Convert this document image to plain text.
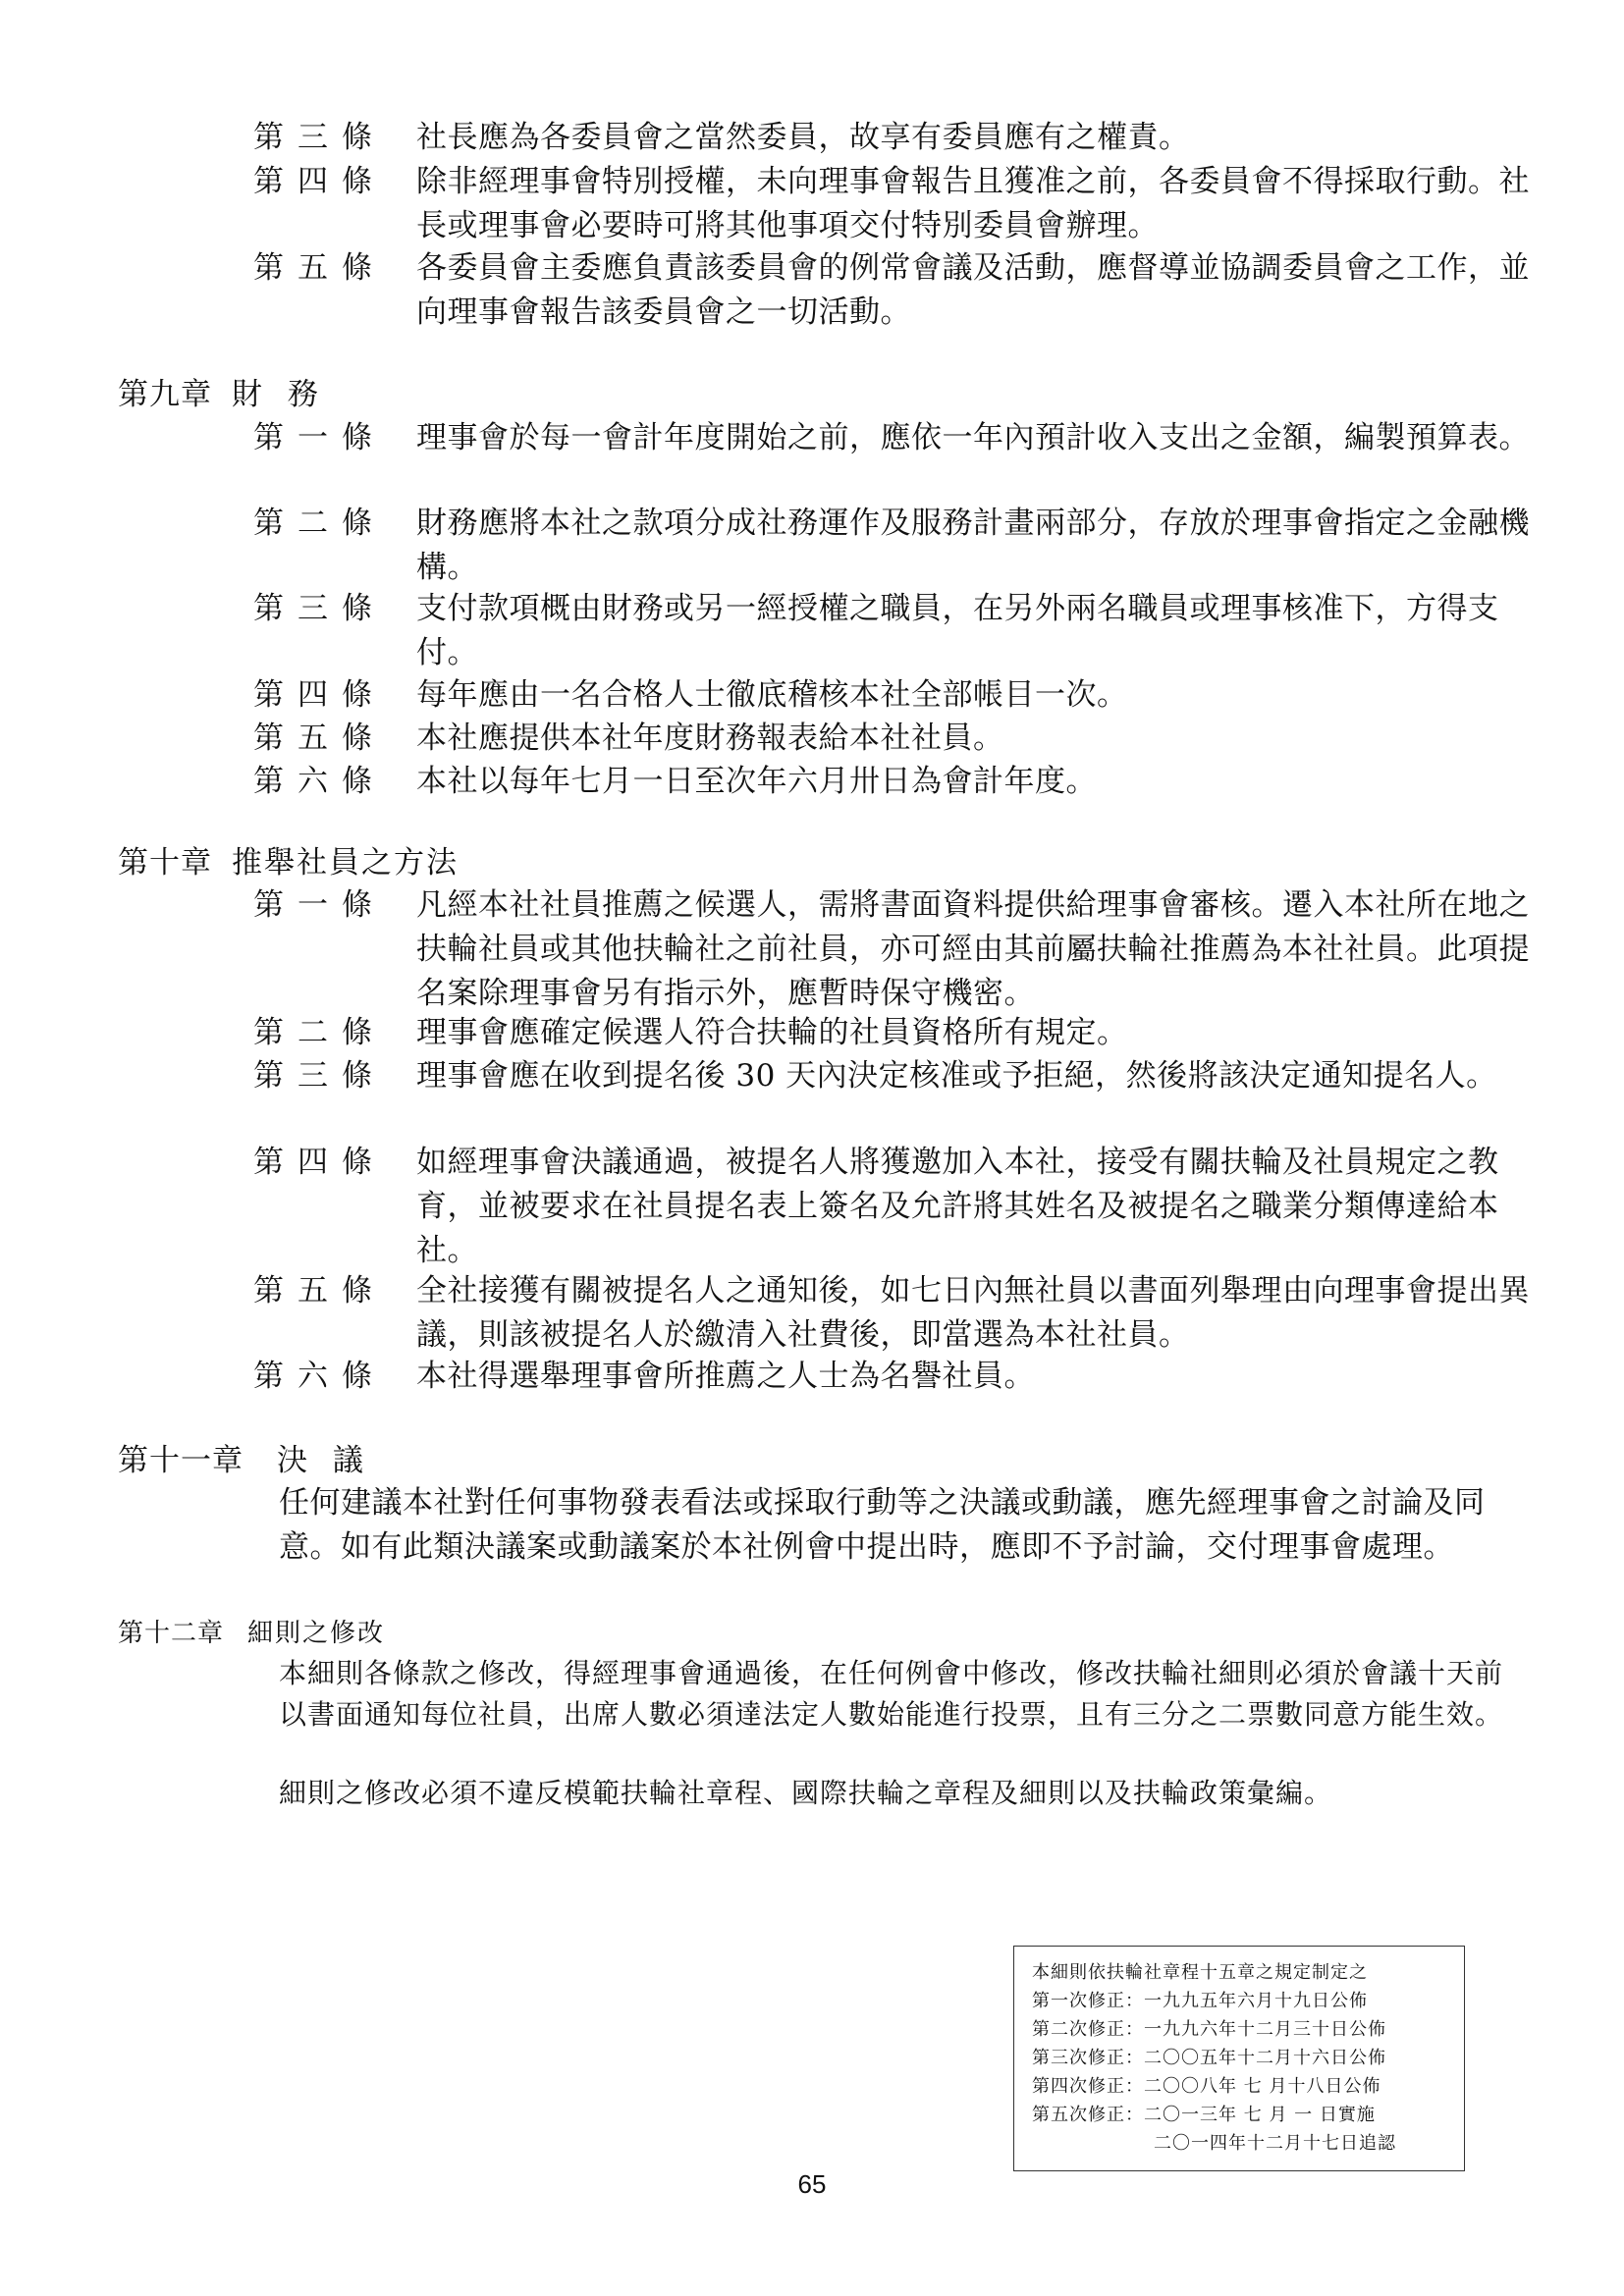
第三條	社長應為各委員會之當然委員，故享有委員應有之權責。
第四條	除非經理事會特別授權，未向理事會報告且獲准之前，各委員會不得採取行動。社長或理事會必要時可將其他事項交付特別委員會辦理。
第五條	各委員會主委應負責該委員會的例常會議及活動，應督導並協調委員會之工作，並向理事會報告該委員會之一切活動。
第九章 財 務
第一條	理事會於每一會計年度開始之前，應依一年內預計收入支出之金額，編製預算表。
第二條	財務應將本社之款項分成社務運作及服務計畫兩部分，存放於理事會指定之金融機構。
第三條	支付款項概由財務或另一經授權之職員，在另外兩名職員或理事核准下，方得支付。
第四條	每年應由一名合格人士徹底稽核本社全部帳目一次。
第五條	本社應提供本社年度財務報表給本社社員。
第六條	本社以每年七月一日至次年六月卅日為會計年度。
第十章 推舉社員之方法
第一條	凡經本社社員推薦之候選人，需將書面資料提供給理事會審核。遷入本社所在地之扶輪社員或其他扶輪社之前社員，亦可經由其前屬扶輪社推薦為本社社員。此項提名案除理事會另有指示外，應暫時保守機密。
第二條	理事會應確定候選人符合扶輪的社員資格所有規定。
第三條	理事會應在收到提名後 30 天內決定核准或予拒絕，然後將該決定通知提名人。
第四條	如經理事會決議通過，被提名人將獲邀加入本社，接受有關扶輪及社員規定之教育，並被要求在社員提名表上簽名及允許將其姓名及被提名之職業分類傳達給本社。
第五條	全社接獲有關被提名人之通知後，如七日內無社員以書面列舉理由向理事會提出異議，則該被提名人於繳清入社費後，即當選為本社社員。
第六條	本社得選舉理事會所推薦之人士為名譽社員。
第十一章 決 議
任何建議本社對任何事物發表看法或採取行動等之決議或動議，應先經理事會之討論及同意。如有此類決議案或動議案於本社例會中提出時，應即不予討論，交付理事會處理。
第十二章 細則之修改
本細則各條款之修改，得經理事會通過後，在任何例會中修改，修改扶輪社細則必須於會議十天前以書面通知每位社員，出席人數必須達法定人數始能進行投票，且有三分之二票數同意方能生效。
細則之修改必須不違反模範扶輪社章程、國際扶輪之章程及細則以及扶輪政策彙編。
本細則依扶輪社章程十五章之規定制定之
第一次修正：一九九五年六月十九日公佈
第二次修正：一九九六年十二月三十日公佈
第三次修正：二〇〇五年十二月十六日公佈
第四次修正：二〇〇八年 七 月十八日公佈
第五次修正：二〇一三年 七 月 一 日實施
二〇一四年十二月十七日追認
65
